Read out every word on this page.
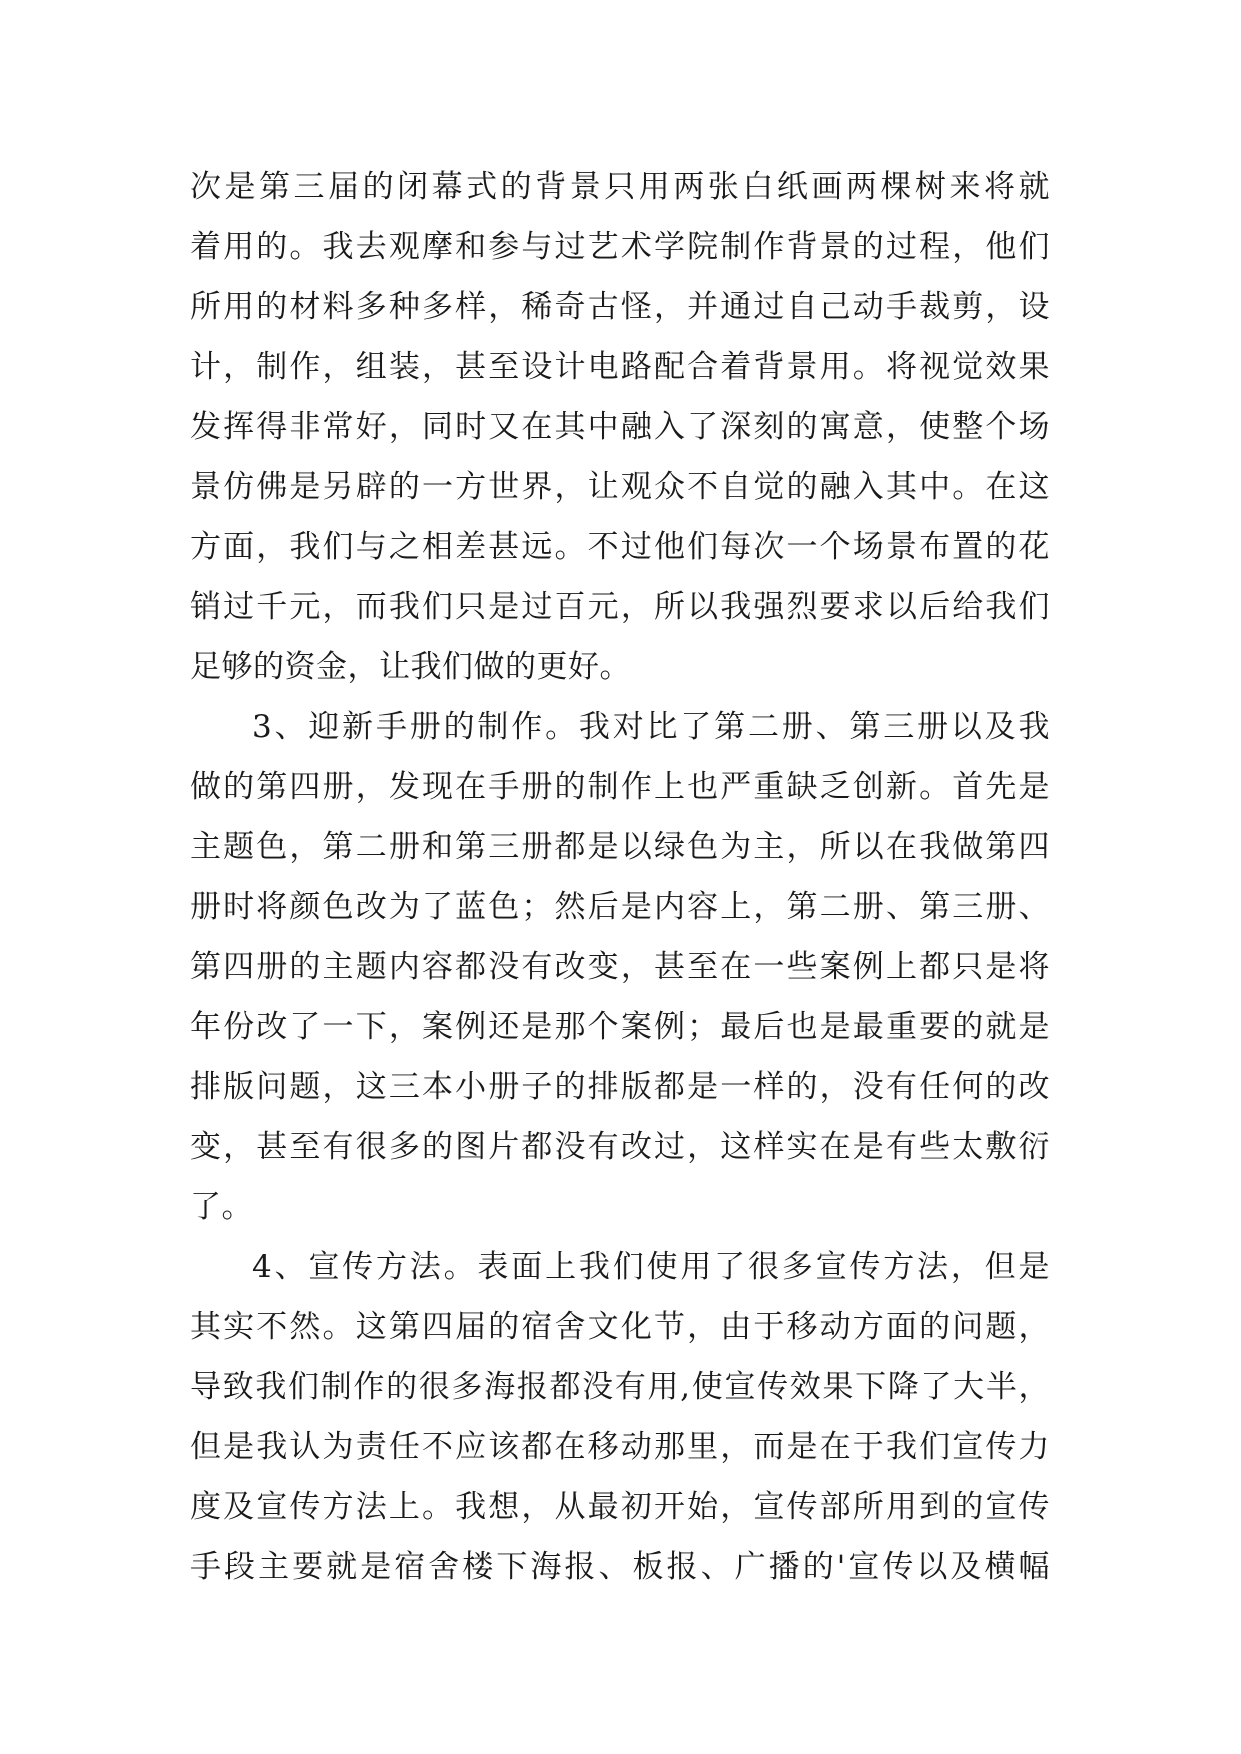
次是第三届的闭幕式的背景只用两张白纸画两棵树来将就
着用的。我去观摩和参与过艺术学院制作背景的过程，他们
所用的材料多种多样，稀奇古怪，并通过自己动手裁剪，设
计，制作，组装，甚至设计电路配合着背景用。将视觉效果
发挥得非常好，同时又在其中融入了深刻的寓意，使整个场
景仿佛是另辟的一方世界，让观众不自觉的融入其中。在这
方面，我们与之相差甚远。不过他们每次一个场景布置的花
销过千元，而我们只是过百元，所以我强烈要求以后给我们
足够的资金，让我们做的更好。
3、迎新手册的制作。我对比了第二册、第三册以及我
做的第四册，发现在手册的制作上也严重缺乏创新。首先是
主题色，第二册和第三册都是以绿色为主，所以在我做第四
册时将颜色改为了蓝色；然后是内容上，第二册、第三册、
第四册的主题内容都没有改变，甚至在一些案例上都只是将
年份改了一下，案例还是那个案例；最后也是最重要的就是
排版问题，这三本小册子的排版都是一样的，没有任何的改
变，甚至有很多的图片都没有改过，这样实在是有些太敷衍
了。
4、宣传方法。表面上我们使用了很多宣传方法，但是
其实不然。这第四届的宿舍文化节，由于移动方面的问题，
导致我们制作的很多海报都没有用,使宣传效果下降了大半，
但是我认为责任不应该都在移动那里，而是在于我们宣传力
度及宣传方法上。我想，从最初开始，宣传部所用到的宣传
手段主要就是宿舍楼下海报、板报、广播的'宣传以及横幅
